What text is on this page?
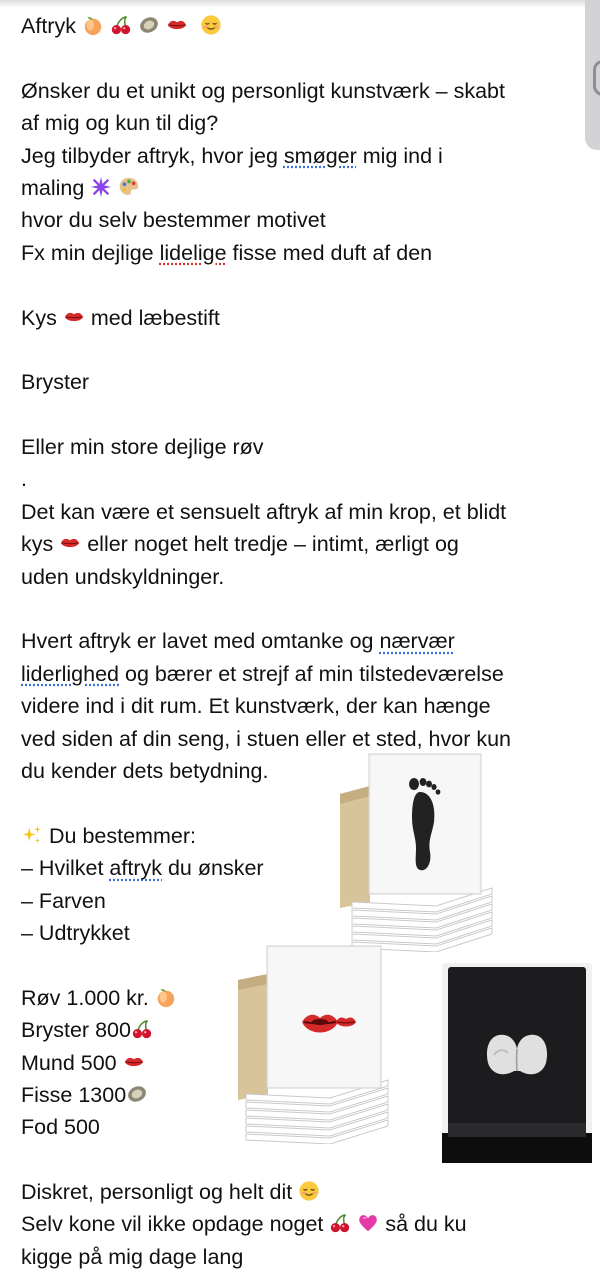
Aftryk
Ønsker du et unikt og personligt kunstværk – skabt
af mig og kun til dig?
Jeg tilbyder aftryk, hvor jeg smøger mig ind i
maling
hvor du selv bestemmer motivet
Fx min dejlige lidelige fisse med duft af den
Kys  med læbestift
Bryster
Eller min store dejlige røv
.
Det kan være et sensuelt aftryk af min krop, et blidt
kys  eller noget helt tredje – intimt, ærligt og
uden undskyldninger.
Hvert aftryk er lavet med omtanke og nærvær
liderlighed og bærer et strejf af min tilstedeværelse
videre ind i dit rum. Et kunstværk, der kan hænge
ved siden af din seng, i stuen eller et sted, hvor kun
du kender dets betydning.
Du bestemmer:
– Hvilket aftryk du ønsker
– Farven
– Udtrykket
Røv 1.000 kr.
Bryster 800
Mund 500
Fisse 1300
Fod 500
Diskret, personligt og helt dit
Selv kone vil ikke opdage noget	så du ku
kigge på mig dage lang
